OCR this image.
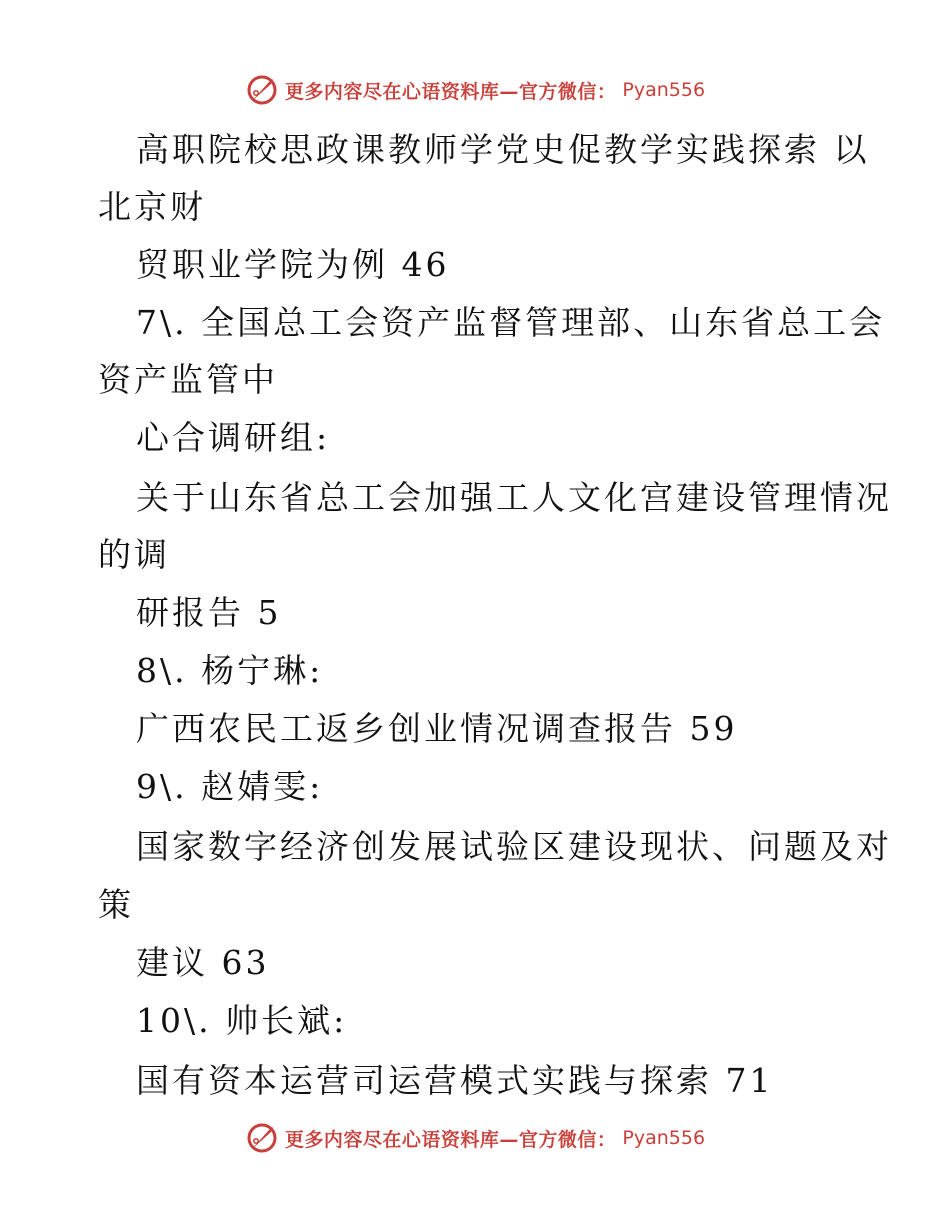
更多内容尽在心语资料库—官方微信： Pyan556
高职院校思政课教师学党史促教学实践探索 以
北京财
贸职业学院为例 46
7\. 全国总工会资产监督管理部、山东省总工会
资产监管中
心合调研组:
关于山东省总工会加强工人文化宫建设管理情况
的调
研报告 5
8\. 杨宁琳:
广西农民工返乡创业情况调查报告 59
9\. 赵婧雯:
国家数字经济创发展试验区建设现状、问题及对
策
建议 63
10\. 帅长斌:
国有资本运营司运营模式实践与探索 71
更多内容尽在心语资料库—官方微信： Pyan556
